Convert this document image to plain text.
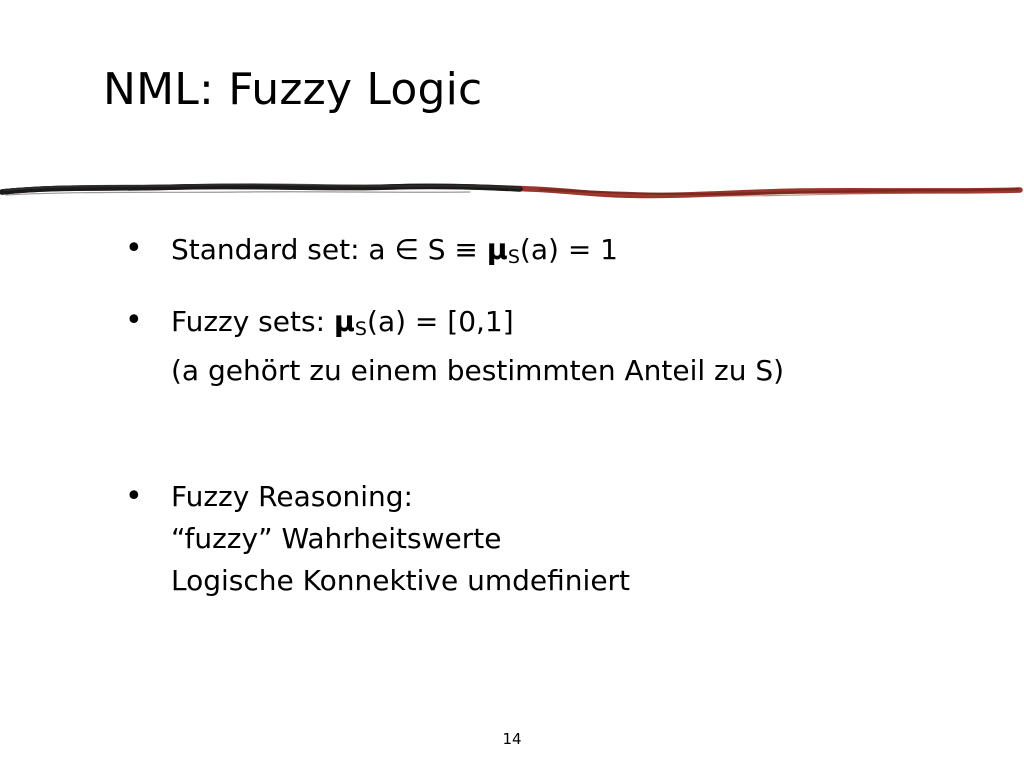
NML: Fuzzy Logic
•	Standard set: a ∈ $S \equiv \mu_S(a) = 1$
•	Fuzzy sets: $\mu_S(a) = [0,1]$
(a gehört zu einem bestimmten Anteil zu S)
•	Fuzzy Reasoning:
“fuzzy” Wahrheitswerte
Logische Konnektive umdefiniert
14
